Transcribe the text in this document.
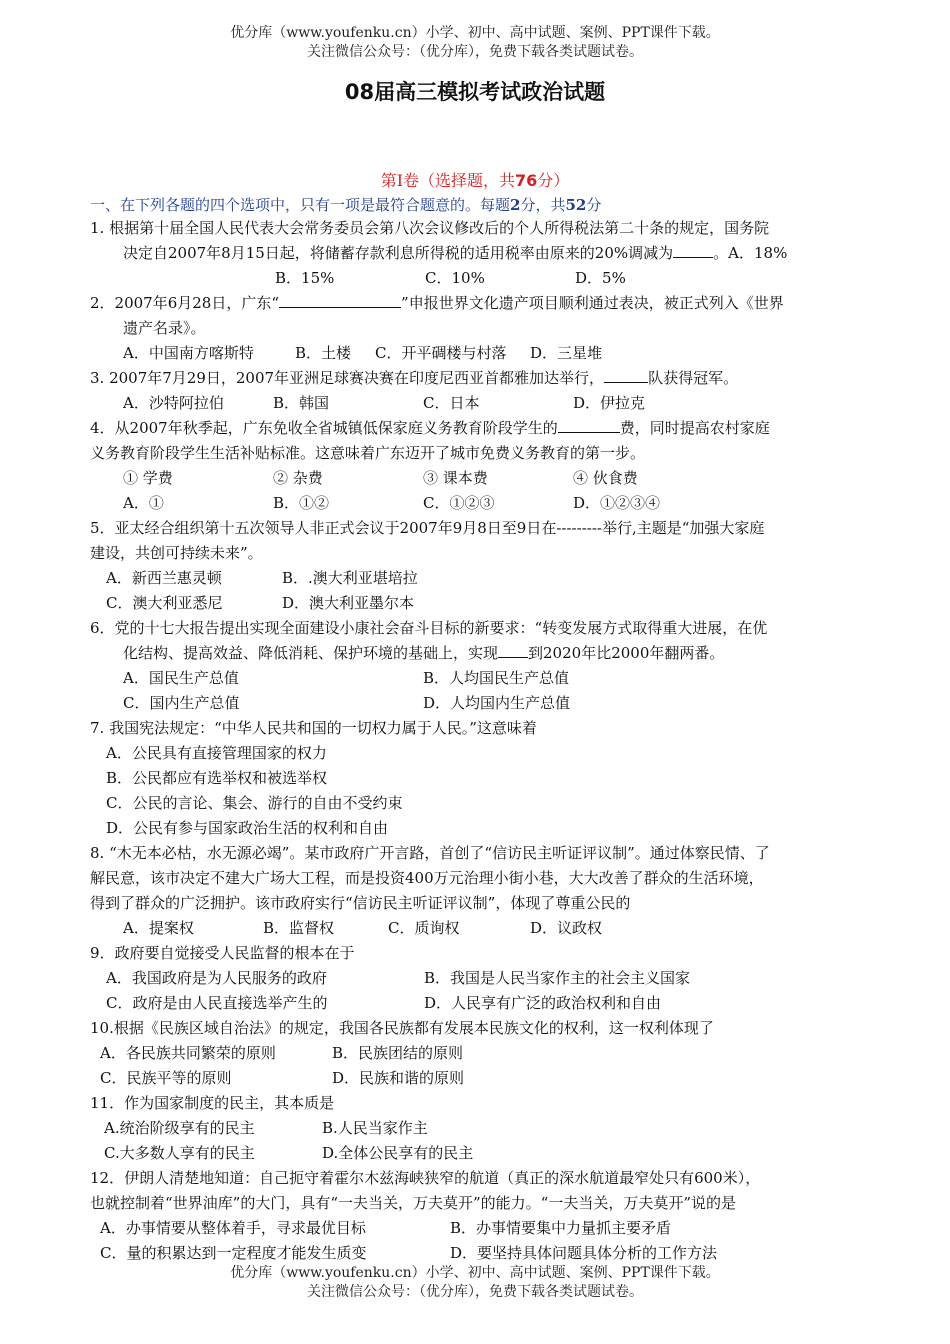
优分库（www.youfenku.cn）小学、初中、高中试题、案例、PPT课件下载。
关注微信公众号：（优分库），免费下载各类试题试卷。
08届高三模拟考试政治试题
第Ⅰ卷（选择题，共76分）
一、在下列各题的四个选项中，只有一项是最符合题意的。每题2分，共52分

1. 根据第十届全国人民代表大会常务委员会第八次会议修改后的个人所得税法第二十条的规定，国务院

决定自2007年8月15日起，将储蓄存款利息所得税的适用税率由原来的20%调减为	。A．18%

B．15%	C．10%	D．5%

2．2007年6月28日，广东“	”申报世界文化遗产项目顺利通过表决，被正式列入《世界

遗产名录》。

A．中国南方喀斯特	B．土楼	C．开平碉楼与村落	D．三星堆

3. 2007年7月29日，2007年亚洲足球赛决赛在印度尼西亚首都雅加达举行，	队获得冠军。

A．沙特阿拉伯	B．韩国	C．日本	D．伊拉克

4．从2007年秋季起，广东免收全省城镇低保家庭义务教育阶段学生的	费，同时提高农村家庭

义务教育阶段学生生活补贴标准。这意味着广东迈开了城市免费义务教育的第一步。

① 学费	② 杂费	③ 课本费	④ 伙食费

A．①	B．①②	C．①②③	D．①②③④

5．亚太经合组织第十五次领导人非正式会议于2007年9月8日至9日在---------举行,主题是“加强大家庭

建设，共创可持续未来”。

A．新西兰惠灵顿	B．.澳大利亚堪培拉

C．澳大利亚悉尼	D．澳大利亚墨尔本

6．党的十七大报告提出实现全面建设小康社会奋斗目标的新要求：“转变发展方式取得重大进展，在优

化结构、提高效益、降低消耗、保护环境的基础上，实现 到2020年比2000年翻两番。

A．国民生产总值	B．人均国民生产总值

C．国内生产总值	D．人均国内生产总值

7. 我国宪法规定：“中华人民共和国的一切权力属于人民。”这意味着

A．公民具有直接管理国家的权力

B．公民都应有选举权和被选举权

C．公民的言论、集会、游行的自由不受约束

D．公民有参与国家政治生活的权利和自由

8. “木无本必枯，水无源必竭”。某市政府广开言路，首创了“信访民主听证评议制”。通过体察民情、了

解民意，该市决定不建大广场大工程，而是投资400万元治理小街小巷，大大改善了群众的生活环境，

得到了群众的广泛拥护。该市政府实行“信访民主听证评议制”，体现了尊重公民的

A．提案权	B．监督权	C．质询权	D．议政权

9．政府要自觉接受人民监督的根本在于

A．我国政府是为人民服务的政府	B．我国是人民当家作主的社会主义国家

C．政府是由人民直接选举产生的	D．人民享有广泛的政治权利和自由

10.根据《民族区域自治法》的规定，我国各民族都有发展本民族文化的权利，这一权利体现了

A．各民族共同繁荣的原则	B．民族团结的原则

C．民族平等的原则	D．民族和谐的原则

11．作为国家制度的民主，其本质是

A.统治阶级享有的民主	B.人民当家作主

C.大多数人享有的民主	D.全体公民享有的民主

12．伊朗人清楚地知道：自己扼守着霍尔木兹海峡狭窄的航道（真正的深水航道最窄处只有600米），

也就控制着“世界油库”的大门，具有“一夫当关，万夫莫开”的能力。“一夫当关，万夫莫开”说的是

A．办事情要从整体着手，寻求最优目标	B．办事情要集中力量抓主要矛盾

C．量的积累达到一定程度才能发生质变	D．要坚持具体问题具体分析的工作方法

优分库（www.youfenku.cn）小学、初中、高中试题、案例、PPT课件下载。
关注微信公众号：（优分库），免费下载各类试题试卷。
